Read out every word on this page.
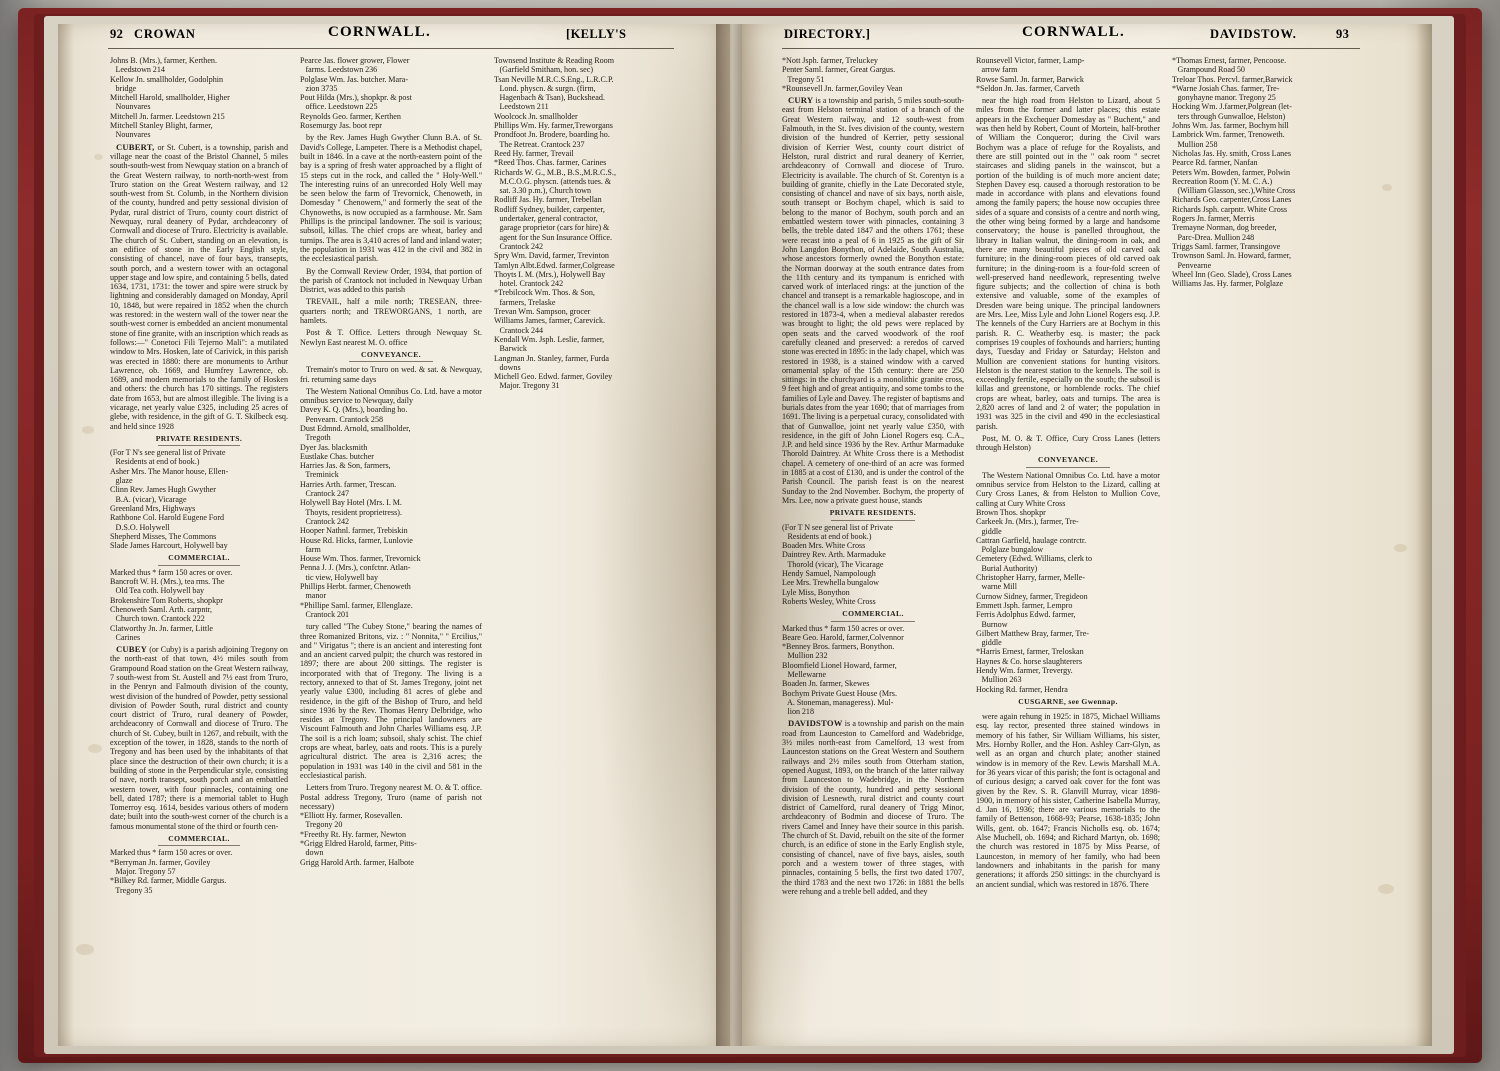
92 CROWAN	CORNWALL.	[KELLY'S

Johns B. (Mrs.), farmer, Kerthen.

Leedstown 214

Kellow Jn. smallholder, Godolphin

bridge

Mitchell Harold, smallholder, Higher

Nounvares

Mitchell Jn. farmer. Leedstown 215

Mitchell Stanley Blight, farmer,

Nounvares

CUBERT, or St. Cubert, is a township, parish and village near the coast of the Bristol Channel, 5 miles south-south-west from Newquay station on a branch of the Great Western railway, to north-north-west from Truro station on the Great Western railway, and 12 south-west from St. Columb, in the Northern division of the county, hundred and petty sessional division of Pydar, rural district of Truro, county court district of Newquay, rural deanery of Pydar, archdeaconry of Cornwall and diocese of Truro. Electricity is available. The church of St. Cubert, standing on an elevation, is an edifice of stone in the Early English style, consisting of chancel, nave of four bays, transepts, south porch, and a western tower with an octagonal upper stage and low spire, and containing 5 bells, dated 1634, 1731, 1731: the tower and spire were struck by lightning and considerably damaged on Monday, April 10, 1848, but were repaired in 1852 when the church was restored: in the western wall of the tower near the south-west corner is embedded an ancient monumental stone of fine granite, with an inscription which reads as follows:—" Conetoci Fili Tejerno Mali": a mutilated window to Mrs. Hosken, late of Carivick, in this parish was erected in 1880: there are monuments to Arthur Lawrence, ob. 1669, and Humfrey Lawrence, ob. 1689, and modern memorials to the family of Hosken and others: the church has 170 sittings. The registers date from 1653, but are almost illegible. The living is a vicarage, net yearly value £325, including 25 acres of glebe, with residence, in the gift of G. T. Skilbeck esq. and held since 1928

PRIVATE RESIDENTS.

(For T N's see general list of Private

Residents at end of book.)

Asher Mrs. The Manor house, Ellen-

glaze

Clinn Rev. James Hugh Gwyther

B.A. (vicar), Vicarage

Greenland Mrs, Highways

Rathbone Col. Harold Eugene Ford

D.S.O. Holywell

Shepherd Misses, The Commons

Slade James Harcourt, Holywell bay

COMMERCIAL.

Marked thus * farm 150 acres or over.

Bancroft W. H. (Mrs.), tea rms. The

Old Tea coth. Holywell bay

Brokenshire Tom Roberts, shopkpr

Chenoweth Saml. Arth. carpntr,

Church town. Crantock 222

Clatworthy Jn. Jn. farmer, Little

Carines

CUBEY (or Cuby) is a parish adjoining Tregony on the north-east of that town, 4½ miles south from Grampound Road station on the Great Western railway, 7 south-west from St. Austell and 7½ east from Truro, in the Penryn and Falmouth division of the county, west division of the hundred of Powder, petty sessional division of Powder South, rural district and county court district of Truro, rural deanery of Powder, archdeaconry of Cornwall and diocese of Truro. The church of St. Cubey, built in 1267, and rebuilt, with the exception of the tower, in 1828, stands to the north of Tregony and has been used by the inhabitants of that place since the destruction of their own church; it is a building of stone in the Perpendicular style, consisting of nave, north transept, south porch and an embattled western tower, with four pinnacles, containing one bell, dated 1787; there is a memorial tablet to Hugh Tomerroy esq. 1614, besides various others of modern date; built into the south-west corner of the church is a famous monumental stone of the third or fourth cen-

COMMERCIAL.

Marked thus * farm 150 acres or over.

*Berryman Jn. farmer, Goviley

Major. Tregony 57

*Bilkey Rd. farmer, Middle Gargus.

Tregony 35

Pearce Jas. flower grower, Flower

farms. Leedstown 236

Polglase Wm. Jas. butcher. Mara-

zion 3735

Pout Hilda (Mrs.), shopkpr. & post

office. Leedstown 225

Reynolds Geo. farmer, Kerthen

Rosemurgy Jas. boot repr

by the Rev. James Hugh Gwyther Clunn B.A. of St. David's College, Lampeter. There is a Methodist chapel, built in 1846. In a cave at the north-eastern point of the bay is a spring of fresh water approached by a flight of 15 steps cut in the rock, and called the " Holy-Well." The interesting ruins of an unrecorded Holy Well may be seen below the farm of Trevornick, Chenoweth, in Domesday " Chenowern," and formerly the seat of the Chynoweths, is now occupied as a farmhouse. Mr. Sam Phillips is the principal landowner. The soil is various; subsoil, killas. The chief crops are wheat, barley and turnips. The area is 3,410 acres of land and inland water; the population in 1931 was 412 in the civil and 382 in the ecclesiastical parish.

By the Cornwall Review Order, 1934, that portion of the parish of Crantock not included in Newquay Urban District, was added to this parish

TREVAIL, half a mile north; TRESEAN, three-quarters north; and TREWORGANS, 1 north, are hamlets.

Post & T. Office. Letters through Newquay St. Newlyn East nearest M. O. office

CONVEYANCE.

Tremain's motor to Truro on wed. & sat. & Newquay, fri. returning same days

The Western National Omnibus Co. Ltd. have a motor omnibus service to Newquay, daily

Davey K. Q. (Mrs.), boarding ho.

Penvearn. Crantock 258

Dust Edmnd. Arnold, smallholder,

Tregoth

Dyer Jas. blacksmith

Eustlake Chas. butcher

Harries Jas. & Son, farmers,

Treminick

Harries Arth. farmer, Trescan.

Crantock 247

Holywell Bay Hotel (Mrs. I. M.

Thoyts, resident proprietress).

Crantock 242

Hooper Nathnl. farmer, Trebiskin

House Rd. Hicks, farmer, Lunlovie

farm

House Wm. Thos. farmer, Trevornick

Penna J. J. (Mrs.), confctnr. Atlan-

tic view, Holywell bay

Phillips Herbt. farmer, Chenoweth

manor

*Phillipe Saml. farmer, Ellenglaze.

Crantock 201

tury called "The Cubey Stone," bearing the names of three Romanized Britons, viz. : " Nonnita," " Ercilius," and " Virigatus "; there is an ancient and interesting font and an ancient carved pulpit; the church was restored in 1897; there are about 200 sittings. The register is incorporated with that of Tregony. The living is a rectory, annexed to that of St. James Tregony, joint net yearly value £300, including 81 acres of glebe and residence, in the gift of the Bishop of Truro, and held since 1936 by the Rev. Thomas Henry Delbridge, who resides at Tregony. The principal landowners are Viscount Falmouth and John Charles Williams esq. J.P. The soil is a rich loam; subsoil, shaly schist. The chief crops are wheat, barley, oats and roots. This is a purely agricultural district. The area is 2,316 acres; the population in 1931 was 140 in the civil and 581 in the ecclesiastical parish.

Letters from Truro. Tregony nearest M. O. & T. office. Postal address Tregony, Truro (name of parish not necessary)

*Elliott Hy. farmer, Rosevallen.

Tregony 20

*Freethy Rt. Hy. farmer, Newton

*Grigg Eldred Harold, farmer, Pitts-

down

Grigg Harold Arth. farmer, Halbote

Townsend Institute & Reading Room

(Garfield Smitham, hon. sec)

Tsan Neville M.R.C.S.Eng., L.R.C.P.

Lond. physcn. & surgn. (firm,

Hagenbach & Tsan), Buckshead.

Leedstown 211

Woolcock Jn. smallholder

Phillips Wm. Hy. farmer,Treworgans

Prondfoot Jn. Brodere, boarding ho.

The Retreat. Crantock 237

Reed Hy. farmer, Trevail

*Reed Thos. Chas. farmer, Carines

Richards W. G., M.B., B.S.,M.R.C.S.,

M.C.O.G. physcn. (attends tues. &

sat. 3.30 p.m.), Church town

Rodliff Jas. Hy. farmer, Trebellan

Rodliff Sydney, builder, carpenter,

undertaker, general contractor,

garage proprietor (cars for hire) &

agent for the Sun Insurance Office.

Crantock 242

Spry Wm. David, farmer, Trevinton

Tamlyn Albt.Edwd. farmer,Colgrease

Thoyts I. M. (Mrs.), Holywell Bay

hotel. Crantock 242

*Trebilcock Wm. Thos. & Son,

farmers, Trelaske

Trevan Wm. Sampson, grocer

Williams James, farmer, Carevick.

Crantock 244

Kendall Wm. Jsph. Leslie, farmer,

Barwick

Langman Jn. Stanley, farmer, Furda

downs

Michell Geo. Edwd. farmer, Goviley

Major. Tregony 31

DIRECTORY.]	CORNWALL.	DAVIDSTOW.	93

*Nott Jsph. farmer, Treluckey

Penter Saml. farmer, Great Gargus.

Tregony 51

*Rounsevell Jn. farmer,Goviley Vean

CURY is a township and parish, 5 miles south-south-east from Helston terminal station of a branch of the Great Western railway, and 12 south-west from Falmouth, in the St. Ives division of the county, western division of the hundred of Kerrier, petty sessional division of Kerrier West, county court district of Helston, rural district and rural deanery of Kerrier, archdeaconry of Cornwall and diocese of Truro. Electricity is available. The church of St. Corentyn is a building of granite, chiefly in the Late Decorated style, consisting of chancel and nave of six bays, north aisle, south transept or Bochym chapel, which is said to belong to the manor of Bochym, south porch and an embattled western tower with pinnacles, containing 3 bells, the treble dated 1847 and the others 1761; these were recast into a peal of 6 in 1925 as the gift of Sir John Langdon Bonython, of Adelaide, South Australia, whose ancestors formerly owned the Bonython estate: the Norman doorway at the south entrance dates from the 11th century and its tympanum is enriched with carved work of interlaced rings: at the junction of the chancel and transept is a remarkable hagioscope, and in the chancel wall is a low side window: the church was restored in 1873-4, when a medieval alabaster reredos was brought to light; the old pews were replaced by open seats and the carved woodwork of the roof carefully cleaned and preserved: a reredos of carved stone was erected in 1895: in the lady chapel, which was restored in 1938, is a stained window with a carved ornamental splay of the 15th century: there are 250 sittings: in the churchyard is a monolithic granite cross, 9 feet high and of great antiquity, and some tombs to the families of Lyle and Davey. The register of baptisms and burials dates from the year 1690; that of marriages from 1691. The living is a perpetual curacy, consolidated with that of Gunwalloe, joint net yearly value £350, with residence, in the gift of John Lionel Rogers esq. C.A., J.P. and held since 1936 by the Rev. Arthur Marmaduke Thorold Daintrey. At White Cross there is a Methodist chapel. A cemetery of one-third of an acre was formed in 1885 at a cost of £130, and is under the control of the Parish Council. The parish feast is on the nearest Sunday to the 2nd November. Bochym, the property of Mrs. Lee, now a private guest house, stands

PRIVATE RESIDENTS.

(For T N see general list of Private

Residents at end of book.)

Boaden Mrs. White Cross

Daintrey Rev. Arth. Marmaduke

Thorold (vicar), The Vicarage

Hendy Samuel, Nampolough

Lee Mrs. Trewhella bungalow

Lyle Miss, Bonython

Roberts Wesley, White Cross

COMMERCIAL.

Marked thus * farm 150 acres or over.

Beare Geo. Harold, farmer,Colvennor

*Benney Bros. farmers, Bonython.

Mullion 232

Bloomfield Lionel Howard, farmer,

Mellewarne

Boaden Jn. farmer, Skewes

Bochym Private Guest House (Mrs.

A. Stoneman, manageress). Mul-

lion 218

DAVIDSTOW is a township and parish on the main road from Launceston to Camelford and Wadebridge, 3½ miles north-east from Camelford, 13 west from Launceston stations on the Great Western and Southern railways and 2½ miles south from Otterham station, opened August, 1893, on the branch of the latter railway from Launceston to Wadebridge, in the Northern division of the county, hundred and petty sessional division of Lesnewth, rural district and county court district of Camelford, rural deanery of Trigg Minor, archdeaconry of Bodmin and diocese of Truro. The rivers Camel and Inney have their source in this parish. The church of St. David, rebuilt on the site of the former church, is an edifice of stone in the Early English style, consisting of chancel, nave of five bays, aisles, south porch and a western tower of three stages, with pinnacles, containing 5 bells, the first two dated 1707, the third 1783 and the next two 1726: in 1881 the bells were rehung and a treble bell added, and they

Rounsevell Victor, farmer, Lamp-

arrow farm

Rowse Saml. Jn. farmer, Barwick

*Seldon Jn. Jas. farmer, Carveth

near the high road from Helston to Lizard, about 5 miles from the former and latter places; this estate appears in the Exchequer Domesday as " Buchent," and was then held by Robert, Count of Mortein, half-brother of William the Conqueror; during the Civil wars Bochym was a place of refuge for the Royalists, and there are still pointed out in the " oak room " secret staircases and sliding panels in the wainscot, but a portion of the building is of much more ancient date; Stephen Davey esq. caused a thorough restoration to be made in accordance with plans and elevations found among the family papers; the house now occupies three sides of a square and consists of a centre and north wing, the other wing being formed by a large and handsome conservatory; the house is panelled throughout, the library in Italian walnut, the dining-room in oak, and there are many beautiful pieces of old carved oak furniture; in the dining-room pieces of old carved oak furniture; in the dining-room is a four-fold screen of well-preserved hand needlework, representing twelve figure subjects; and the collection of china is both extensive and valuable, some of the examples of Dresden ware being unique. The principal landowners are Mrs. Lee, Miss Lyle and John Lionel Rogers esq. J.P. The kennels of the Cury Harriers are at Bochym in this parish. R. C. Weatherby esq. is master; the pack comprises 19 couples of foxhounds and harriers; hunting days, Tuesday and Friday or Saturday; Helston and Mullion are convenient stations for hunting visitors. Helston is the nearest station to the kennels. The soil is exceedingly fertile, especially on the south; the subsoil is killas and greenstone, or hornblende rocks. The chief crops are wheat, barley, oats and turnips. The area is 2,820 acres of land and 2 of water; the population in 1931 was 325 in the civil and 490 in the ecclesiastical parish.

Post, M. O. & T. Office, Cury Cross Lanes (letters through Helston)

CONVEYANCE.

The Western National Omnibus Co. Ltd. have a motor omnibus service from Helston to the Lizard, calling at Cury Cross Lanes, & from Helston to Mullion Cove, calling at Cury White Cross

Brown Thos. shopkpr

Carkeek Jn. (Mrs.), farmer, Tre-

giddle

Cattran Garfield, haulage contrctr.

Polglaze bungalow

Cemetery (Edwd. Williams, clerk to

Burial Authority)

Christopher Harry, farmer, Melle-

warne Mill

Curnow Sidney, farmer, Tregideon

Emmett Jsph. farmer, Lempro

Ferris Adolphus Edwd. farmer,

Burnow

Gilbert Matthew Bray, farmer, Tre-

giddle

*Harris Ernest, farmer, Treloskan

Haynes & Co. horse slaughterers

Hendy Wm. farmer, Trevergy.

Mullion 263

Hocking Rd. farmer, Hendra

CUSGARNE, see Gwennap.

were again rehung in 1925: in 1875, Michael Williams esq. lay rector, presented three stained windows in memory of his father, Sir William Williams, his sister, Mrs. Hornby Roller, and the Hon. Ashley Carr-Glyn, as well as an organ and church plate; another stained window is in memory of the Rev. Lewis Marshall M.A. for 36 years vicar of this parish; the font is octagonal and of curious design; a carved oak cover for the font was given by the Rev. S. R. Glanvill Murray, vicar 1898-1900, in memory of his sister, Catherine Isabella Murray, d. Jan 16, 1936; there are various memorials to the family of Bettenson, 1668-93; Pearse, 1638-1835; John Wills, gent. ob. 1647; Francis Nicholls esq. ob. 1674; Alse Muchell, ob. 1694; and Richard Martyn, ob. 1698; the church was restored in 1875 by Miss Pearse, of Launceston, in memory of her family, who had been landowners and inhabitants in the parish for many generations; it affords 250 sittings: in the churchyard is an ancient sundial, which was restored in 1876. There

*Thomas Ernest, farmer, Pencoose.

Grampound Road 50

Treloar Thos. Percvl. farmer,Barwick

*Warne Josiah Chas. farmer, Tre-

gonyhayne manor. Tregony 25

Hocking Wm. J.farmer,Polgrean (let-

ters through Gunwalloe, Helston)

Johns Wm. Jas. farmer, Bochym hill

Lambrick Wm. farmer, Trenoweth.

Mullion 258

Nicholas Jas. Hy. smith, Cross Lanes

Pearce Rd. farmer, Nanfan

Peters Wm. Bowden, farmer, Polwin

Recreation Room (Y. M. C. A.)

(William Glasson, sec.),White Cross

Richards Geo. carpenter,Cross Lanes

Richards Jsph. carpntr. White Cross

Rogers Jn. farmer, Merris

Tremayne Norman, dog breeder,

Parc-Drea. Mullion 248

Triggs Saml. farmer, Transingove

Trownson Saml. Jn. Howard, farmer,

Penvearne

Wheel Inn (Geo. Slade), Cross Lanes

Williams Jas. Hy. farmer, Polglaze
